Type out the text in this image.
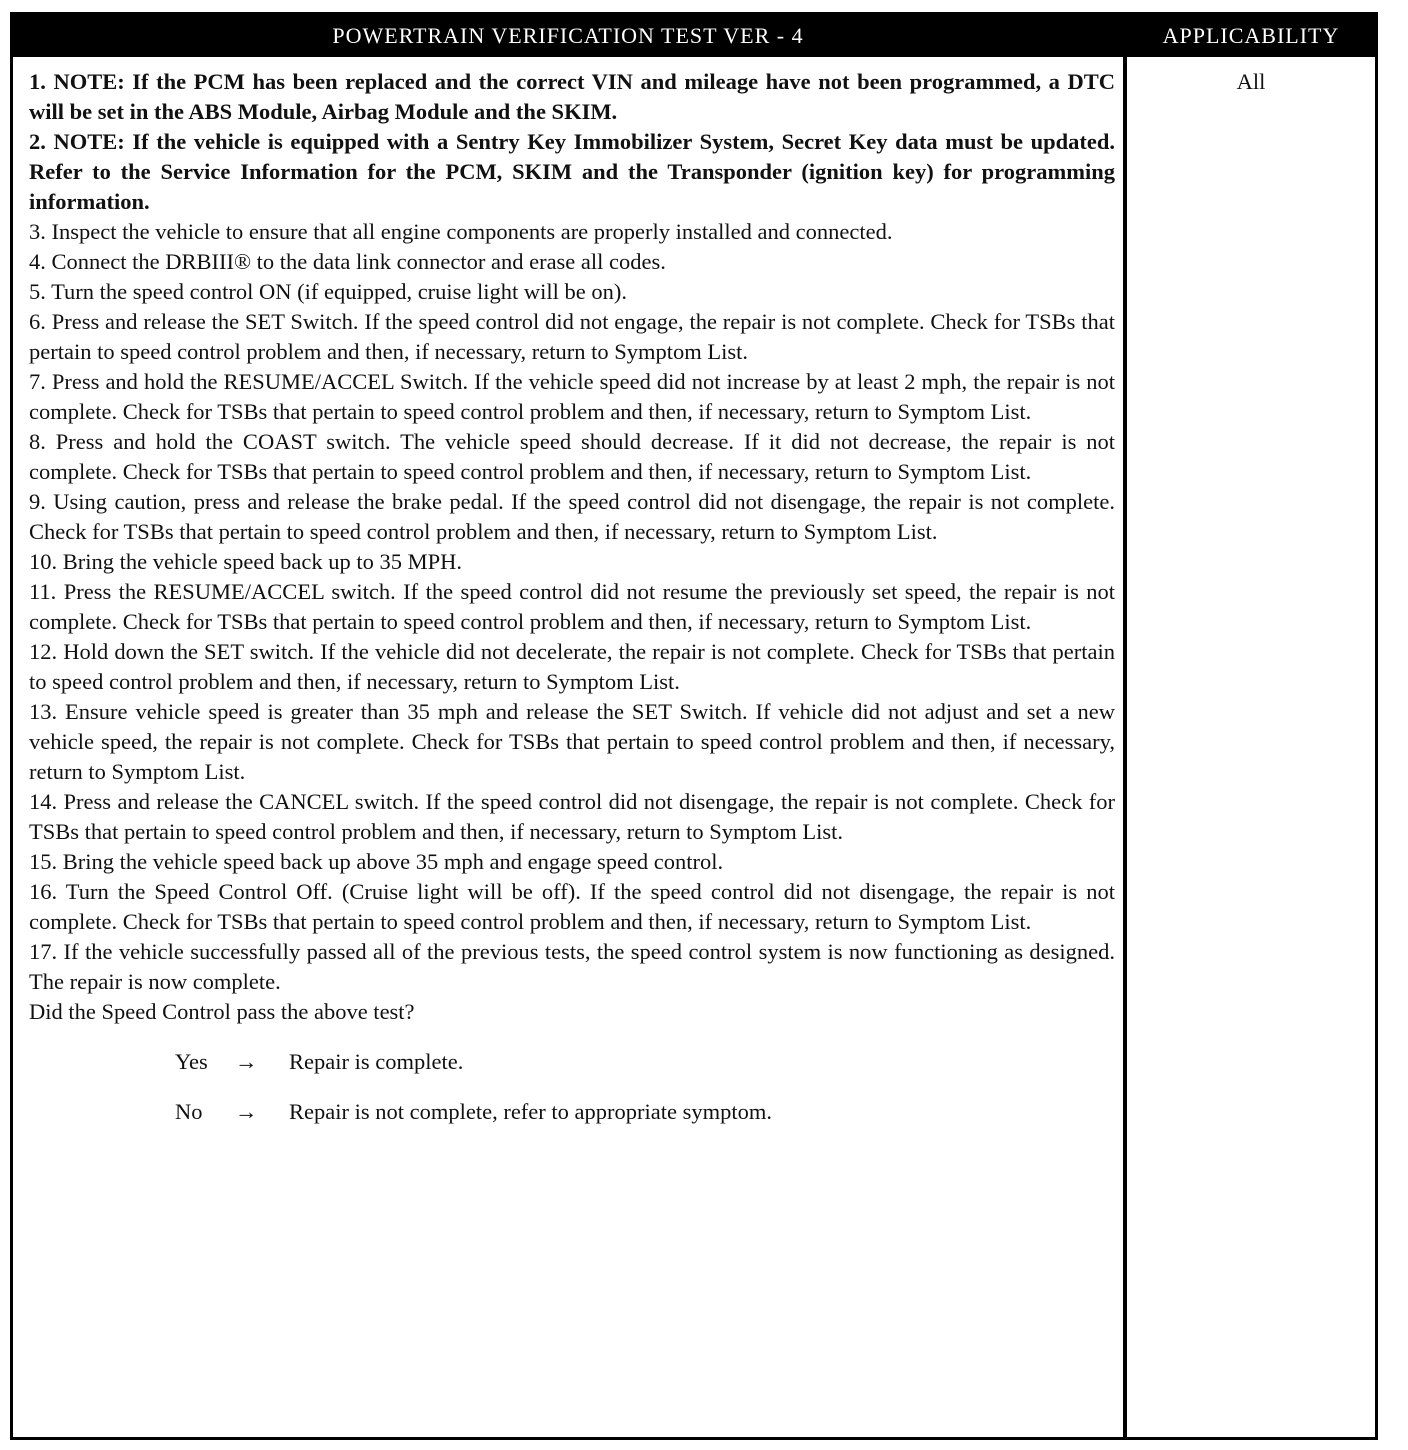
POWERTRAIN VERIFICATION TEST VER - 4	APPLICABILITY

1. NOTE: If the PCM has been replaced and the correct VIN and mileage have not been programmed, a DTC will be set in the ABS Module, Airbag Module and the SKIM.

2. NOTE: If the vehicle is equipped with a Sentry Key Immobilizer System, Secret Key data must be updated. Refer to the Service Information for the PCM, SKIM and the Transponder (ignition key) for programming information.

3. Inspect the vehicle to ensure that all engine components are properly installed and connected.

4. Connect the DRBIII® to the data link connector and erase all codes.

5. Turn the speed control ON (if equipped, cruise light will be on).

6. Press and release the SET Switch. If the speed control did not engage, the repair is not complete. Check for TSBs that pertain to speed control problem and then, if necessary, return to Symptom List.

7. Press and hold the RESUME/ACCEL Switch. If the vehicle speed did not increase by at least 2 mph, the repair is not complete. Check for TSBs that pertain to speed control problem and then, if necessary, return to Symptom List.

8. Press and hold the COAST switch. The vehicle speed should decrease. If it did not decrease, the repair is not complete. Check for TSBs that pertain to speed control problem and then, if necessary, return to Symptom List.

9. Using caution, press and release the brake pedal. If the speed control did not disengage, the repair is not complete. Check for TSBs that pertain to speed control problem and then, if necessary, return to Symptom List.

10. Bring the vehicle speed back up to 35 MPH.

11. Press the RESUME/ACCEL switch. If the speed control did not resume the previously set speed, the repair is not complete. Check for TSBs that pertain to speed control problem and then, if necessary, return to Symptom List.

12. Hold down the SET switch. If the vehicle did not decelerate, the repair is not complete. Check for TSBs that pertain to speed control problem and then, if necessary, return to Symptom List.

13. Ensure vehicle speed is greater than 35 mph and release the SET Switch. If vehicle did not adjust and set a new vehicle speed, the repair is not complete. Check for TSBs that pertain to speed control problem and then, if necessary, return to Symptom List.

14. Press and release the CANCEL switch. If the speed control did not disengage, the repair is not complete. Check for TSBs that pertain to speed control problem and then, if necessary, return to Symptom List.

15. Bring the vehicle speed back up above 35 mph and engage speed control.

16. Turn the Speed Control Off. (Cruise light will be off). If the speed control did not disengage, the repair is not complete. Check for TSBs that pertain to speed control problem and then, if necessary, return to Symptom List.

17. If the vehicle successfully passed all of the previous tests, the speed control system is now functioning as designed. The repair is now complete.

Did the Speed Control pass the above test?

Yes → Repair is complete.
No → Repair is not complete, refer to appropriate symptom.
All
